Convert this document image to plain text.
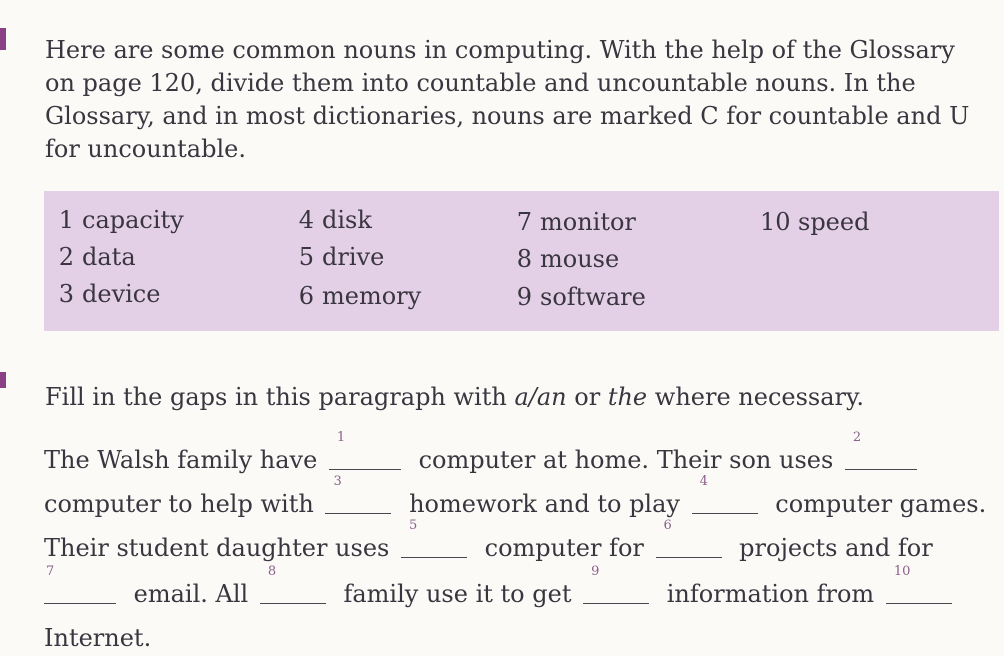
Here are some common nouns in computing. With the help of the Glossary on page 120, divide them into countable and uncountable nouns. In the Glossary, and in most dictionaries, nouns are marked C for countable and U for uncountable.

1 capacity
2 data
3 device
4 disk
5 drive
6 memory
7 monitor
8 mouse
9 software
10 speed

Fill in the gaps in this paragraph with a/an or the where necessary.

The Walsh family have
1
computer at home. Their son uses
2
computer to help with
3
homework and to play
4
computer games.
Their student daughter uses
5
computer for
6
projects and for
7
email. All
8
family use it to get
9
information from
10
Internet.
